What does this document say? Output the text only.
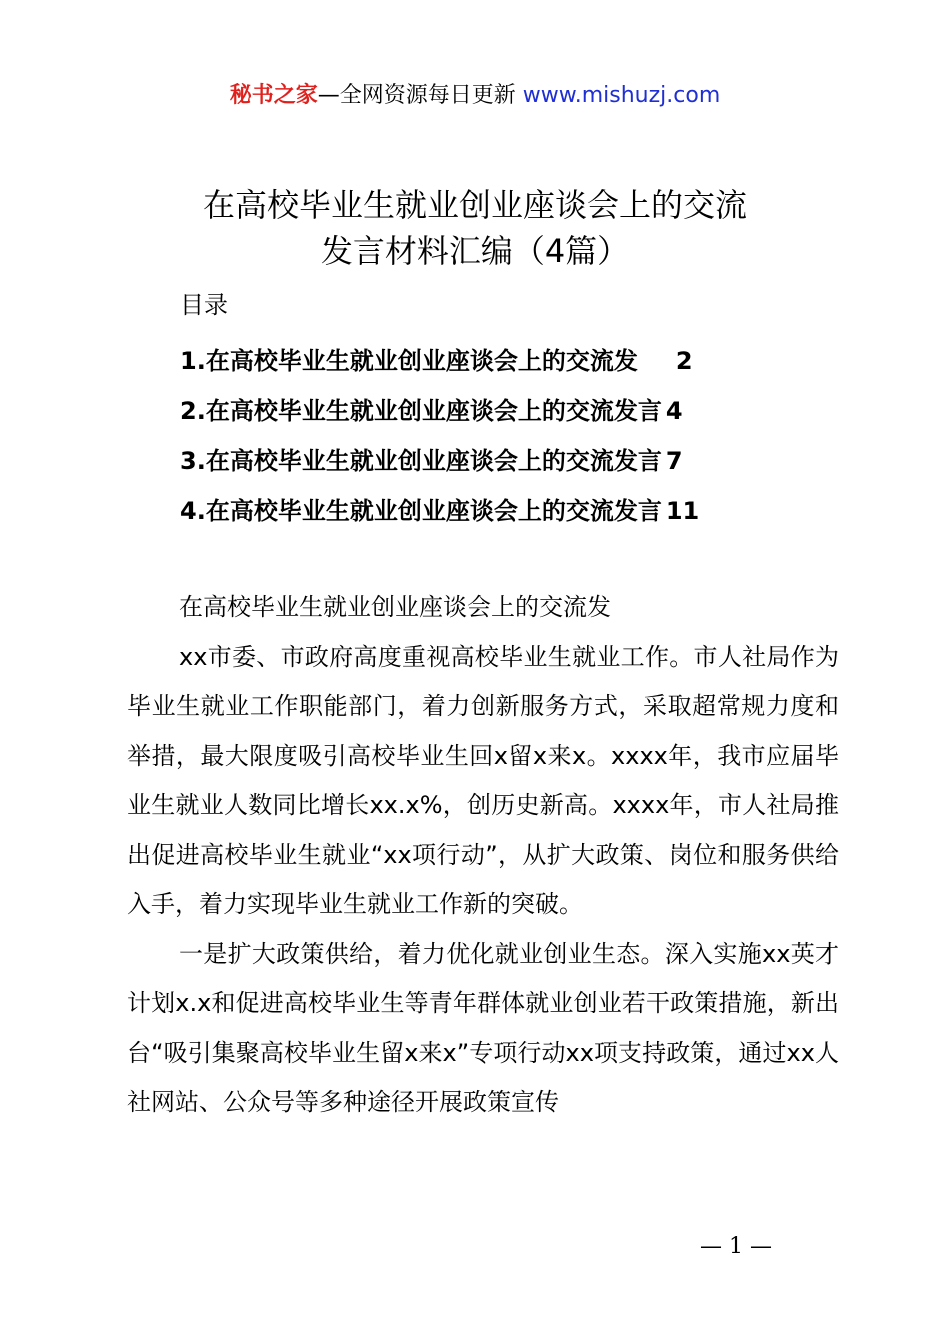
秘书之家—全网资源每日更新 www.mishuzj.com
在高校毕业生就业创业座谈会上的交流
发言材料汇编（4篇）
目录
1.在高校毕业生就业创业座谈会上的交流发 2
2.在高校毕业生就业创业座谈会上的交流发言 4
3.在高校毕业生就业创业座谈会上的交流发言 7
4.在高校毕业生就业创业座谈会上的交流发言 11

在高校毕业生就业创业座谈会上的交流发

xx市委、市政府高度重视高校毕业生就业工作。市人社局作为毕业生就业工作职能部门，着力创新服务方式，采取超常规力度和举措，最大限度吸引高校毕业生回x留x来x。xxxx年，我市应届毕业生就业人数同比增长xx.x%，创历史新高。xxxx年，市人社局推出促进高校毕业生就业“xx项行动”，从扩大政策、岗位和服务供给入手，着力实现毕业生就业工作新的突破。

一是扩大政策供给，着力优化就业创业生态。深入实施xx英才计划x.x和促进高校毕业生等青年群体就业创业若干政策措施，新出台“吸引集聚高校毕业生留x来x”专项行动xx项支持政策，通过xx人社网站、公众号等多种途径开展政策宣传

— 1 —
